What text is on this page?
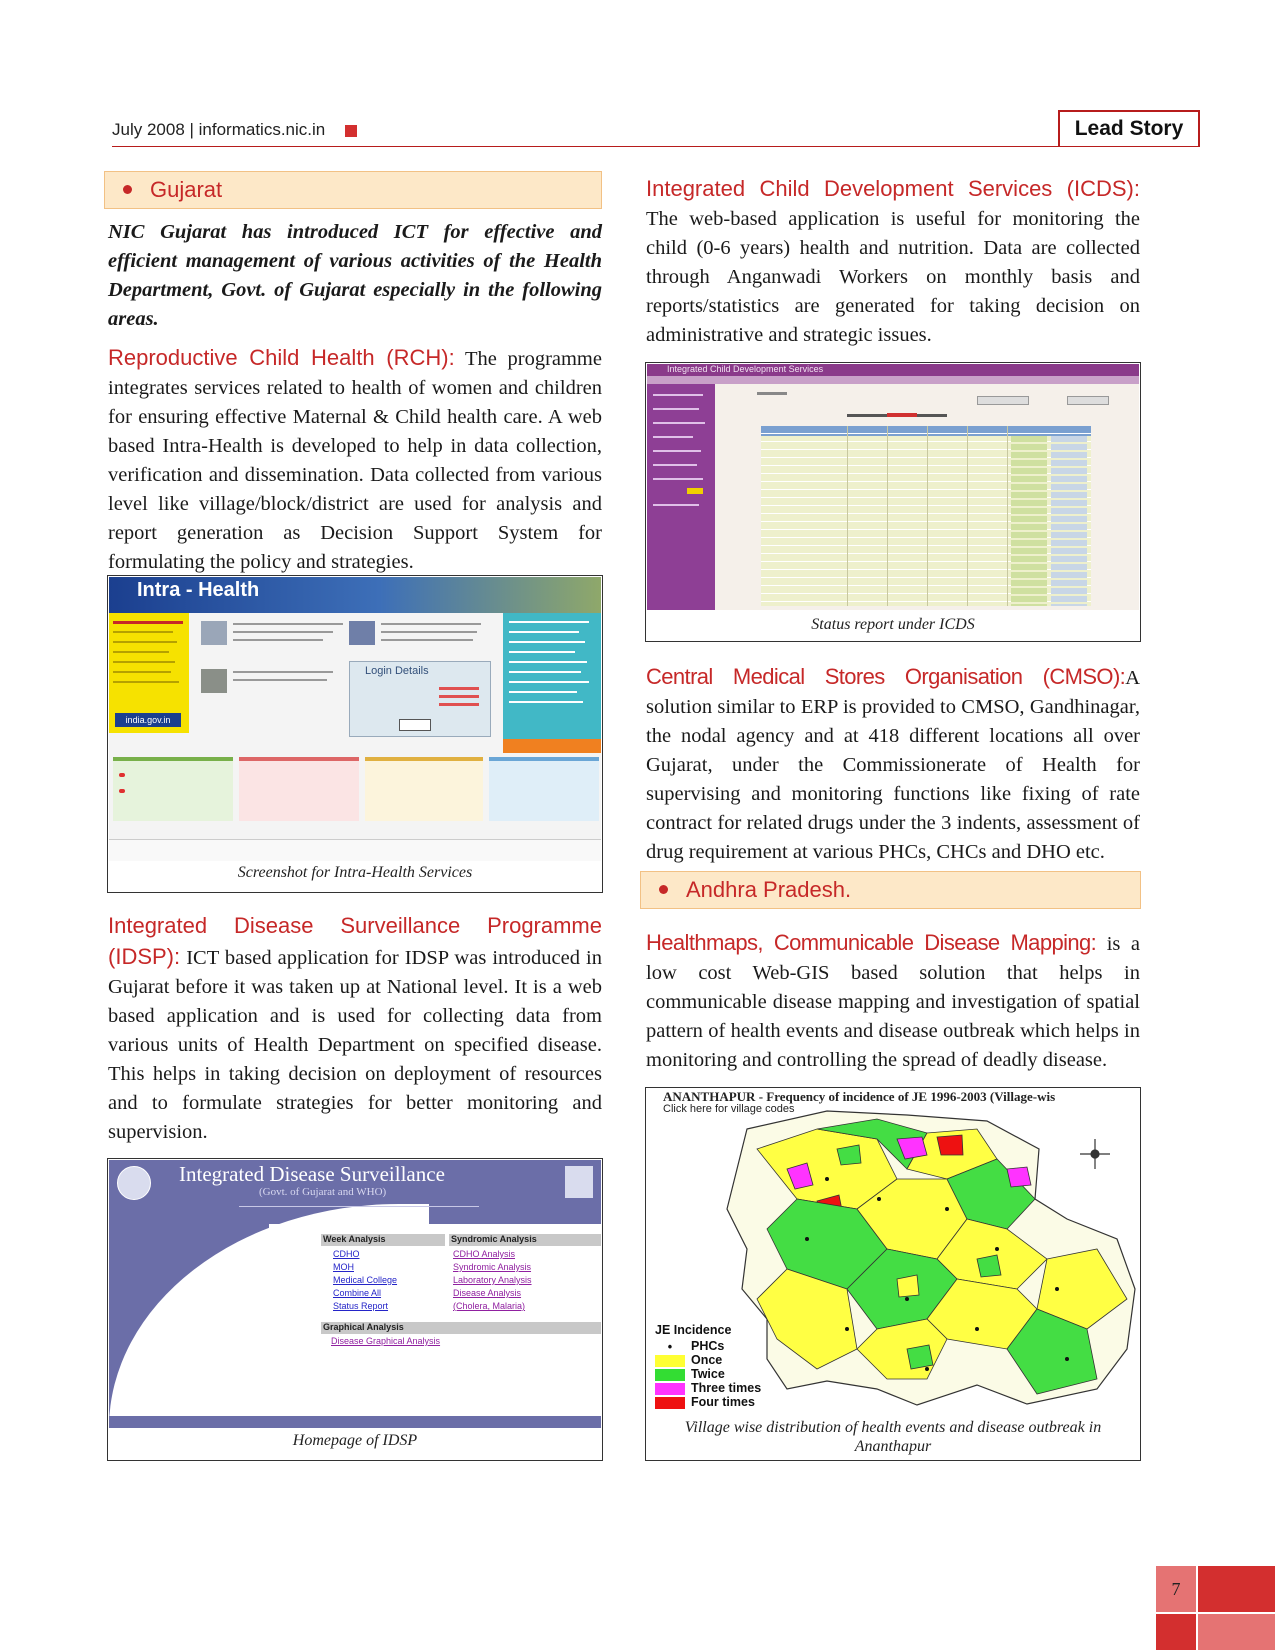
July 2008 | informatics.nic.in	Lead Story
Gujarat
NIC Gujarat has introduced ICT for effective and efficient management of various activities of the Health Department, Govt. of Gujarat especially in the following areas.
Reproductive Child Health (RCH): The programme integrates services related to health of women and children for ensuring effective Maternal & Child health care. A web based Intra-Health is developed to help in data collection, verification and dissemination. Data collected from various level like village/block/district are used for analysis and report generation as Decision Support System for formulating the policy and strategies.
Intra - Health
india.gov.in
Login Details
Screenshot for Intra-Health Services
Integrated Disease Surveillance Programme (IDSP): ICT based application for IDSP was introduced in Gujarat before it was taken up at National level. It is a web based application and is used for collecting data from various units of Health Department on specified disease. This helps in taking decision on deployment of resources and to formulate strategies for better monitoring and supervision.
Integrated Disease Surveillance
(Govt. of Gujarat and WHO)
Week Analysis
CDHO
MOH
Medical College
Combine All
Status Report
Syndromic Analysis
CDHO Analysis
Syndromic Analysis
Laboratory Analysis
Disease Analysis
(Cholera, Malaria)
Graphical Analysis
Disease Graphical Analysis
Homepage of IDSP
Integrated Child Development Services (ICDS): The web-based application is useful for monitoring the child (0-6 years) health and nutrition. Data are collected through Anganwadi Workers on monthly basis and reports/statistics are generated for taking decision on administrative and strategic issues.
Integrated Child Development Services
Status report under ICDS
Central Medical Stores Organisation (CMSO):A solution similar to ERP is provided to CMSO, Gandhinagar, the nodal agency and at 418 different locations all over Gujarat, under the Commissionerate of Health for supervising and monitoring functions like fixing of rate contract for related drugs under the 3 indents, assessment of drug requirement at various PHCs, CHCs and DHO etc.
Andhra Pradesh.
Healthmaps, Communicable Disease Mapping: is a low cost Web-GIS based solution that helps in communicable disease mapping and investigation of spatial pattern of health events and disease outbreak which helps in monitoring and controlling the spread of deadly disease.
ANANTHAPUR - Frequency of incidence of JE 1996-2003 (Village-wis
Click here for village codes
JE Incidence
• PHCs
Once
Twice
Three times
Four times
Village wise distribution of health events and disease outbreak in Ananthapur
7
